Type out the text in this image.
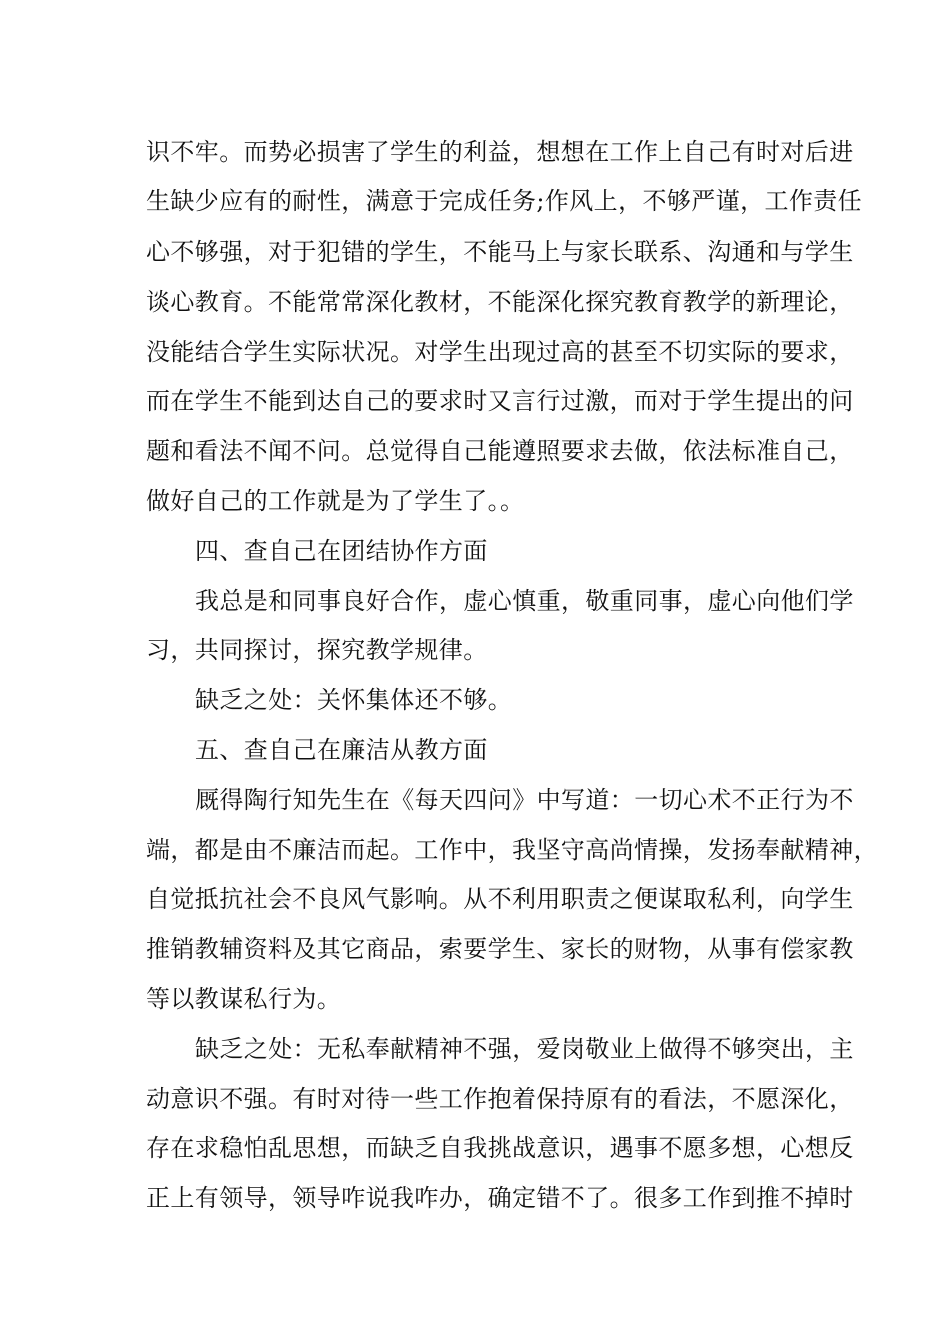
识不牢。而势必损害了学生的利益，想想在工作上自己有时对后进
生缺少应有的耐性，满意于完成任务;作风上，不够严谨，工作责任
心不够强，对于犯错的学生，不能马上与家长联系、沟通和与学生
谈心教育。不能常常深化教材，不能深化探究教育教学的新理论，
没能结合学生实际状况。对学生出现过高的甚至不切实际的要求，
而在学生不能到达自己的要求时又言行过激，而对于学生提出的问
题和看法不闻不问。总觉得自己能遵照要求去做，依法标准自己，
做好自己的工作就是为了学生了。。
四、查自己在团结协作方面
我总是和同事良好合作，虚心慎重，敬重同事，虚心向他们学
习，共同探讨，探究教学规律。
缺乏之处：关怀集体还不够。
五、查自己在廉洁从教方面
厩得陶行知先生在《每天四问》中写道：一切心术不正行为不
端，都是由不廉洁而起。工作中，我坚守高尚情操，发扬奉献精神，
自觉抵抗社会不良风气影响。从不利用职责之便谋取私利，向学生
推销教辅资料及其它商品，索要学生、家长的财物，从事有偿家教
等以教谋私行为。
缺乏之处：无私奉献精神不强，爱岗敬业上做得不够突出，主
动意识不强。有时对待一些工作抱着保持原有的看法，不愿深化，
存在求稳怕乱思想，而缺乏自我挑战意识，遇事不愿多想，心想反
正上有领导，领导咋说我咋办，确定错不了。很多工作到推不掉时
